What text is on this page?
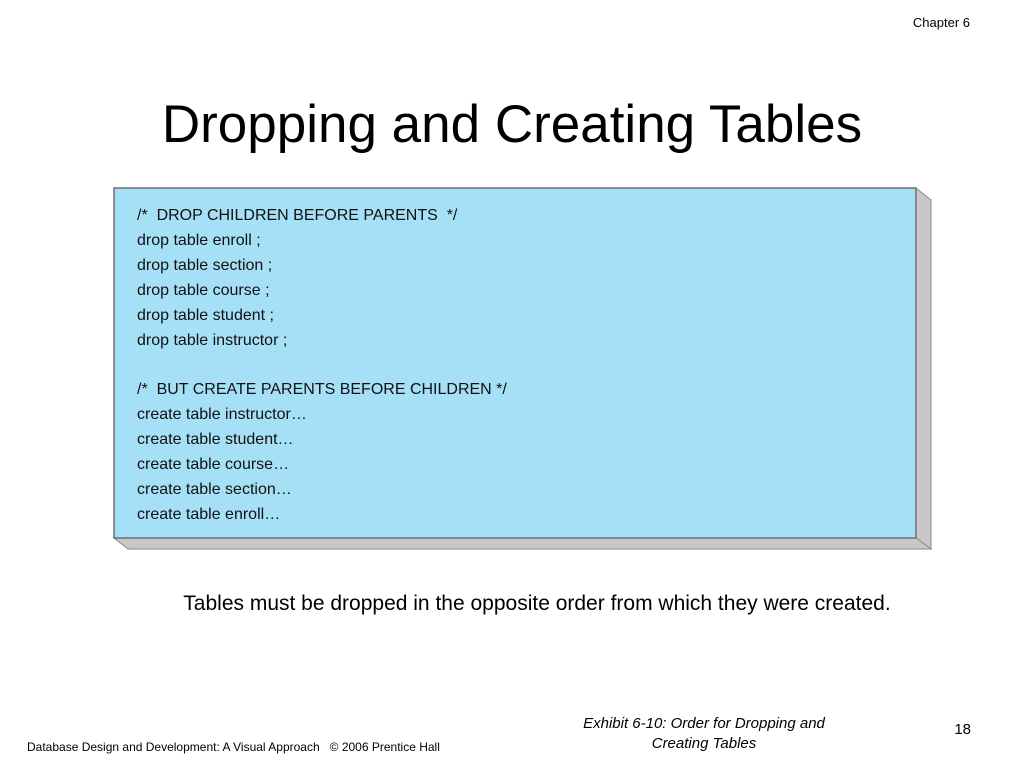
Chapter 6
Dropping and Creating Tables
/*  DROP CHILDREN BEFORE PARENTS  */
drop table enroll ;
drop table section ;
drop table course ;
drop table student ;
drop table instructor ;
/*  BUT CREATE PARENTS BEFORE CHILDREN */
create table instructor…
create table student…
create table course…
create table section…
create table enroll…
Tables must be dropped in the opposite order from which they were created.
Exhibit 6-10: Order for Dropping and
Creating Tables
18
Database Design and Development: A Visual Approach   © 2006 Prentice Hall
